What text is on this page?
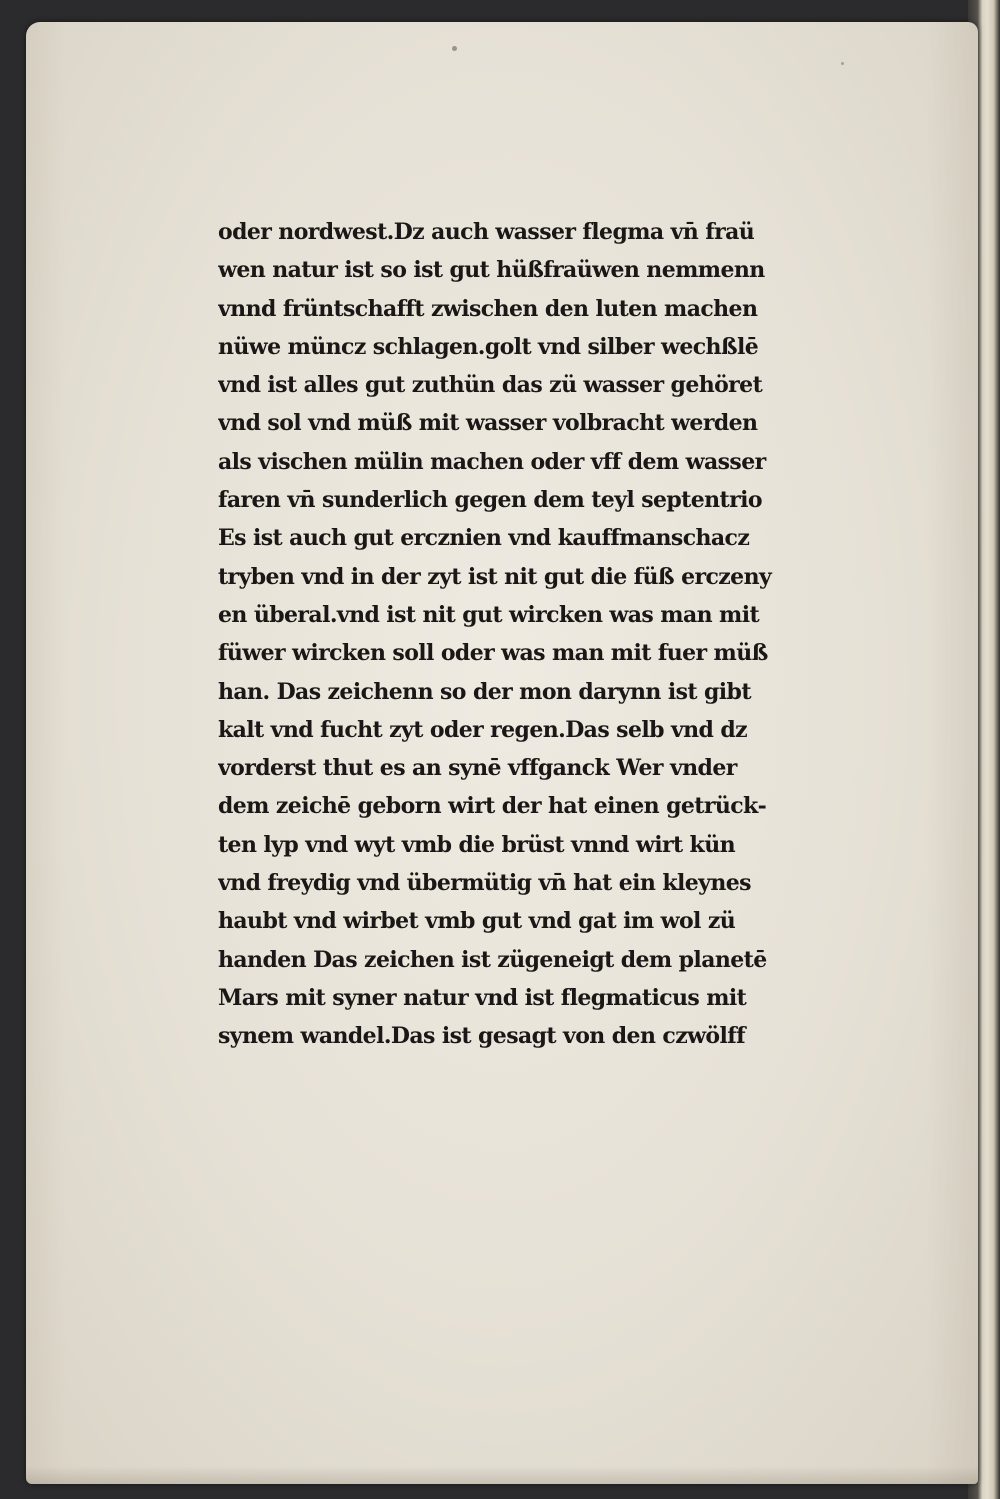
oder nordwest.Dz auch wasser flegma vn̄ fraü
wen natur ist so ist gut hüßfraüwen nemmenn
vnnd früntschafft zwischen den luten machen
nüwe müncz schlagen.golt vnd silber wechßlē
vnd ist alles gut zuthün das zü wasser gehöret
vnd sol vnd müß mit wasser volbracht werden
als vischen mülin machen oder vff dem wasser
faren vn̄ sunderlich gegen dem teyl septentrio
Es ist auch gut ercznien vnd kauffmanschacz
tryben vnd in der zyt ist nit gut die füß erczeny
en überal.vnd ist nit gut wircken was man mit
füwer wircken soll oder was man mit fuer müß
han. Das zeichenn so der mon darynn ist gibt
kalt vnd fucht zyt oder regen.Das selb vnd dz
vorderst thut es an synē vffganck Wer vnder
dem zeichē geborn wirt der hat einen getrück‑
ten lyp vnd wyt vmb die brüst vnnd wirt kün
vnd freydig vnd übermütig vn̄ hat ein kleynes
haubt vnd wirbet vmb gut vnd gat im wol zü
handen Das zeichen ist zügeneigt dem planetē
Mars mit syner natur vnd ist flegmaticus mit
synem wandel.Das ist gesagt von den czwölff
